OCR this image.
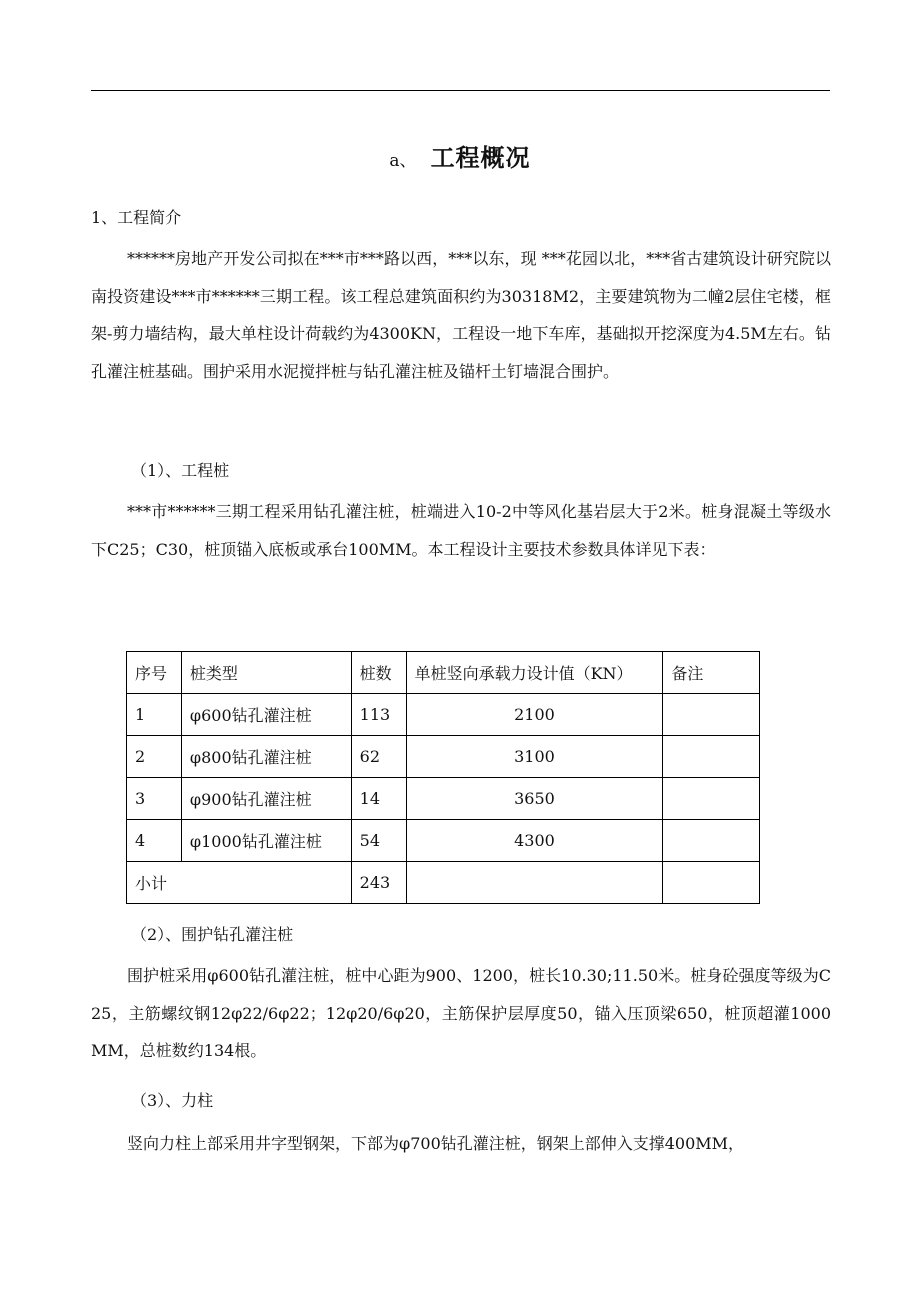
a、 工程概况

1、工程简介

******房地产开发公司拟在***市***路以西，***以东，现 ***花园以北，***省古建筑设计研究院以南投资建设***市******三期工程。该工程总建筑面积约为30318M2，主要建筑物为二幢2层住宅楼，框架-剪力墙结构，最大单柱设计荷载约为4300KN，工程设一地下车库，基础拟开挖深度为4.5M左右。钻孔灌注桩基础。围护采用水泥搅拌桩与钻孔灌注桩及锚杆土钉墙混合围护。

（1）、工程桩

***市******三期工程采用钻孔灌注桩，桩端进入10-2中等风化基岩层大于2米。桩身混凝土等级水下C25；C30，桩顶锚入底板或承台100MM。本工程设计主要技术参数具体详见下表：

序号	桩类型	桩数	单桩竖向承载力设计值（KN）	备注
1	φ600钻孔灌注桩	113	2100	
2	φ800钻孔灌注桩	62	3100	
3	φ900钻孔灌注桩	14	3650	
4	φ1000钻孔灌注桩	54	4300	
小计		243		

（2）、围护钻孔灌注桩

围护桩采用φ600钻孔灌注桩，桩中心距为900、1200，桩长10.30;11.50米。桩身砼强度等级为C25，主筋螺纹钢12φ22/6φ22；12φ20/6φ20，主筋保护层厚度50，锚入压顶梁650，桩顶超灌1000MM，总桩数约134根。

（3）、力柱

竖向力柱上部采用井字型钢架，下部为φ700钻孔灌注桩，钢架上部伸入支撑400MM，
